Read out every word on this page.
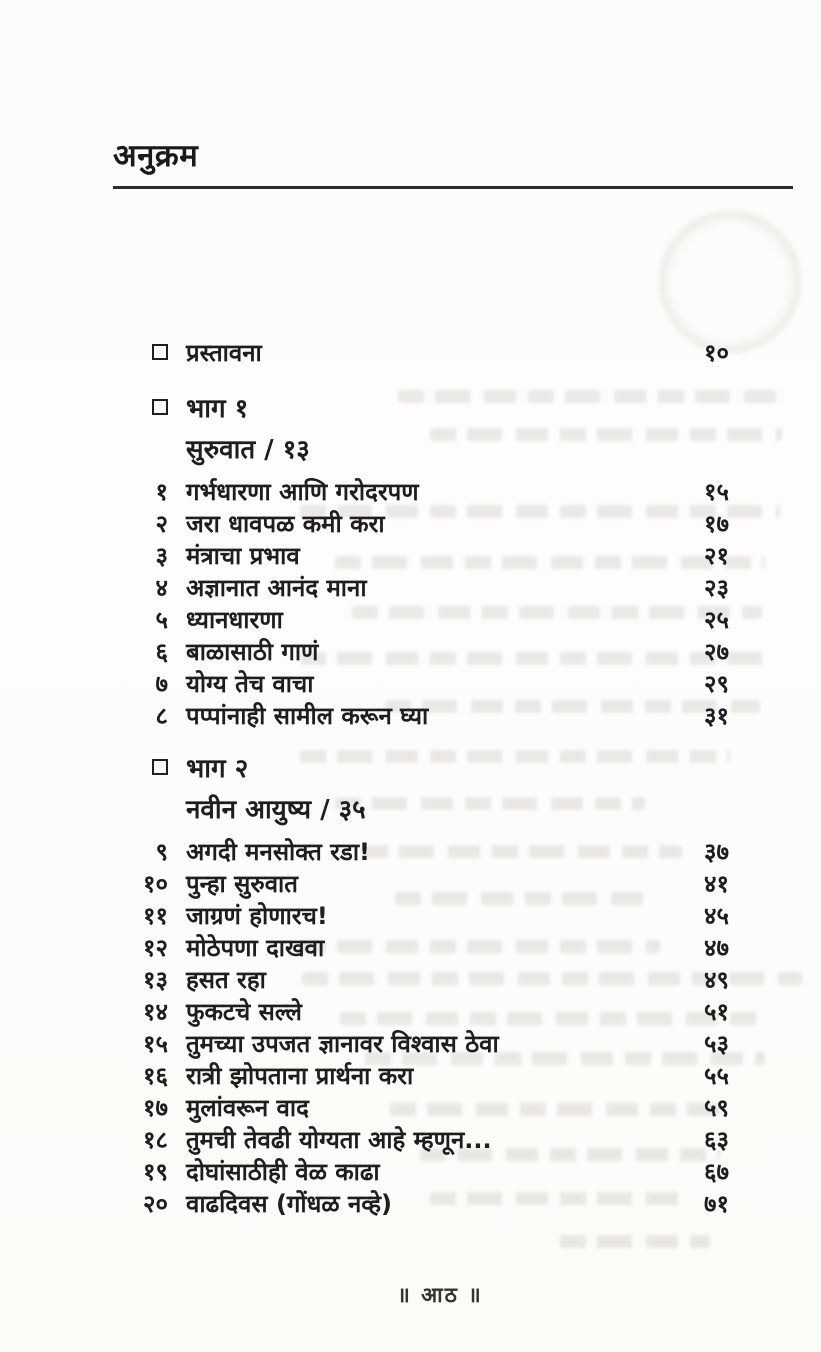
अनुक्रम
प्रस्तावना	१०
भाग १
सुरुवात / १३
१ गर्भधारणा आणि गरोदरपण	१५
२ जरा धावपळ कमी करा	१७
३ मंत्राचा प्रभाव	२१
४ अज्ञानात आनंद माना	२३
५ ध्यानधारणा	२५
६ बाळासाठी गाणं	२७
७ योग्य तेच वाचा	२९
८ पप्पांनाही सामील करून घ्या	३१
भाग २
नवीन आयुष्य / ३५
९ अगदी मनसोक्त रडा!	३७
१० पुन्हा सुरुवात	४१
११ जाग्रणं होणारच!	४५
१२ मोठेपणा दाखवा	४७
१३ हसत रहा	४९
१४ फुकटचे सल्ले	५१
१५ तुमच्या उपजत ज्ञानावर विश्वास ठेवा	५३
१६ रात्री झोपताना प्रार्थना करा	५५
१७ मुलांवरून वाद	५९
१८ तुमची तेवढी योग्यता आहे म्हणून...	६३
१९ दोघांसाठीही वेळ काढा	६७
२० वाढदिवस (गोंधळ नव्हे)	७१
॥ आठ ॥
